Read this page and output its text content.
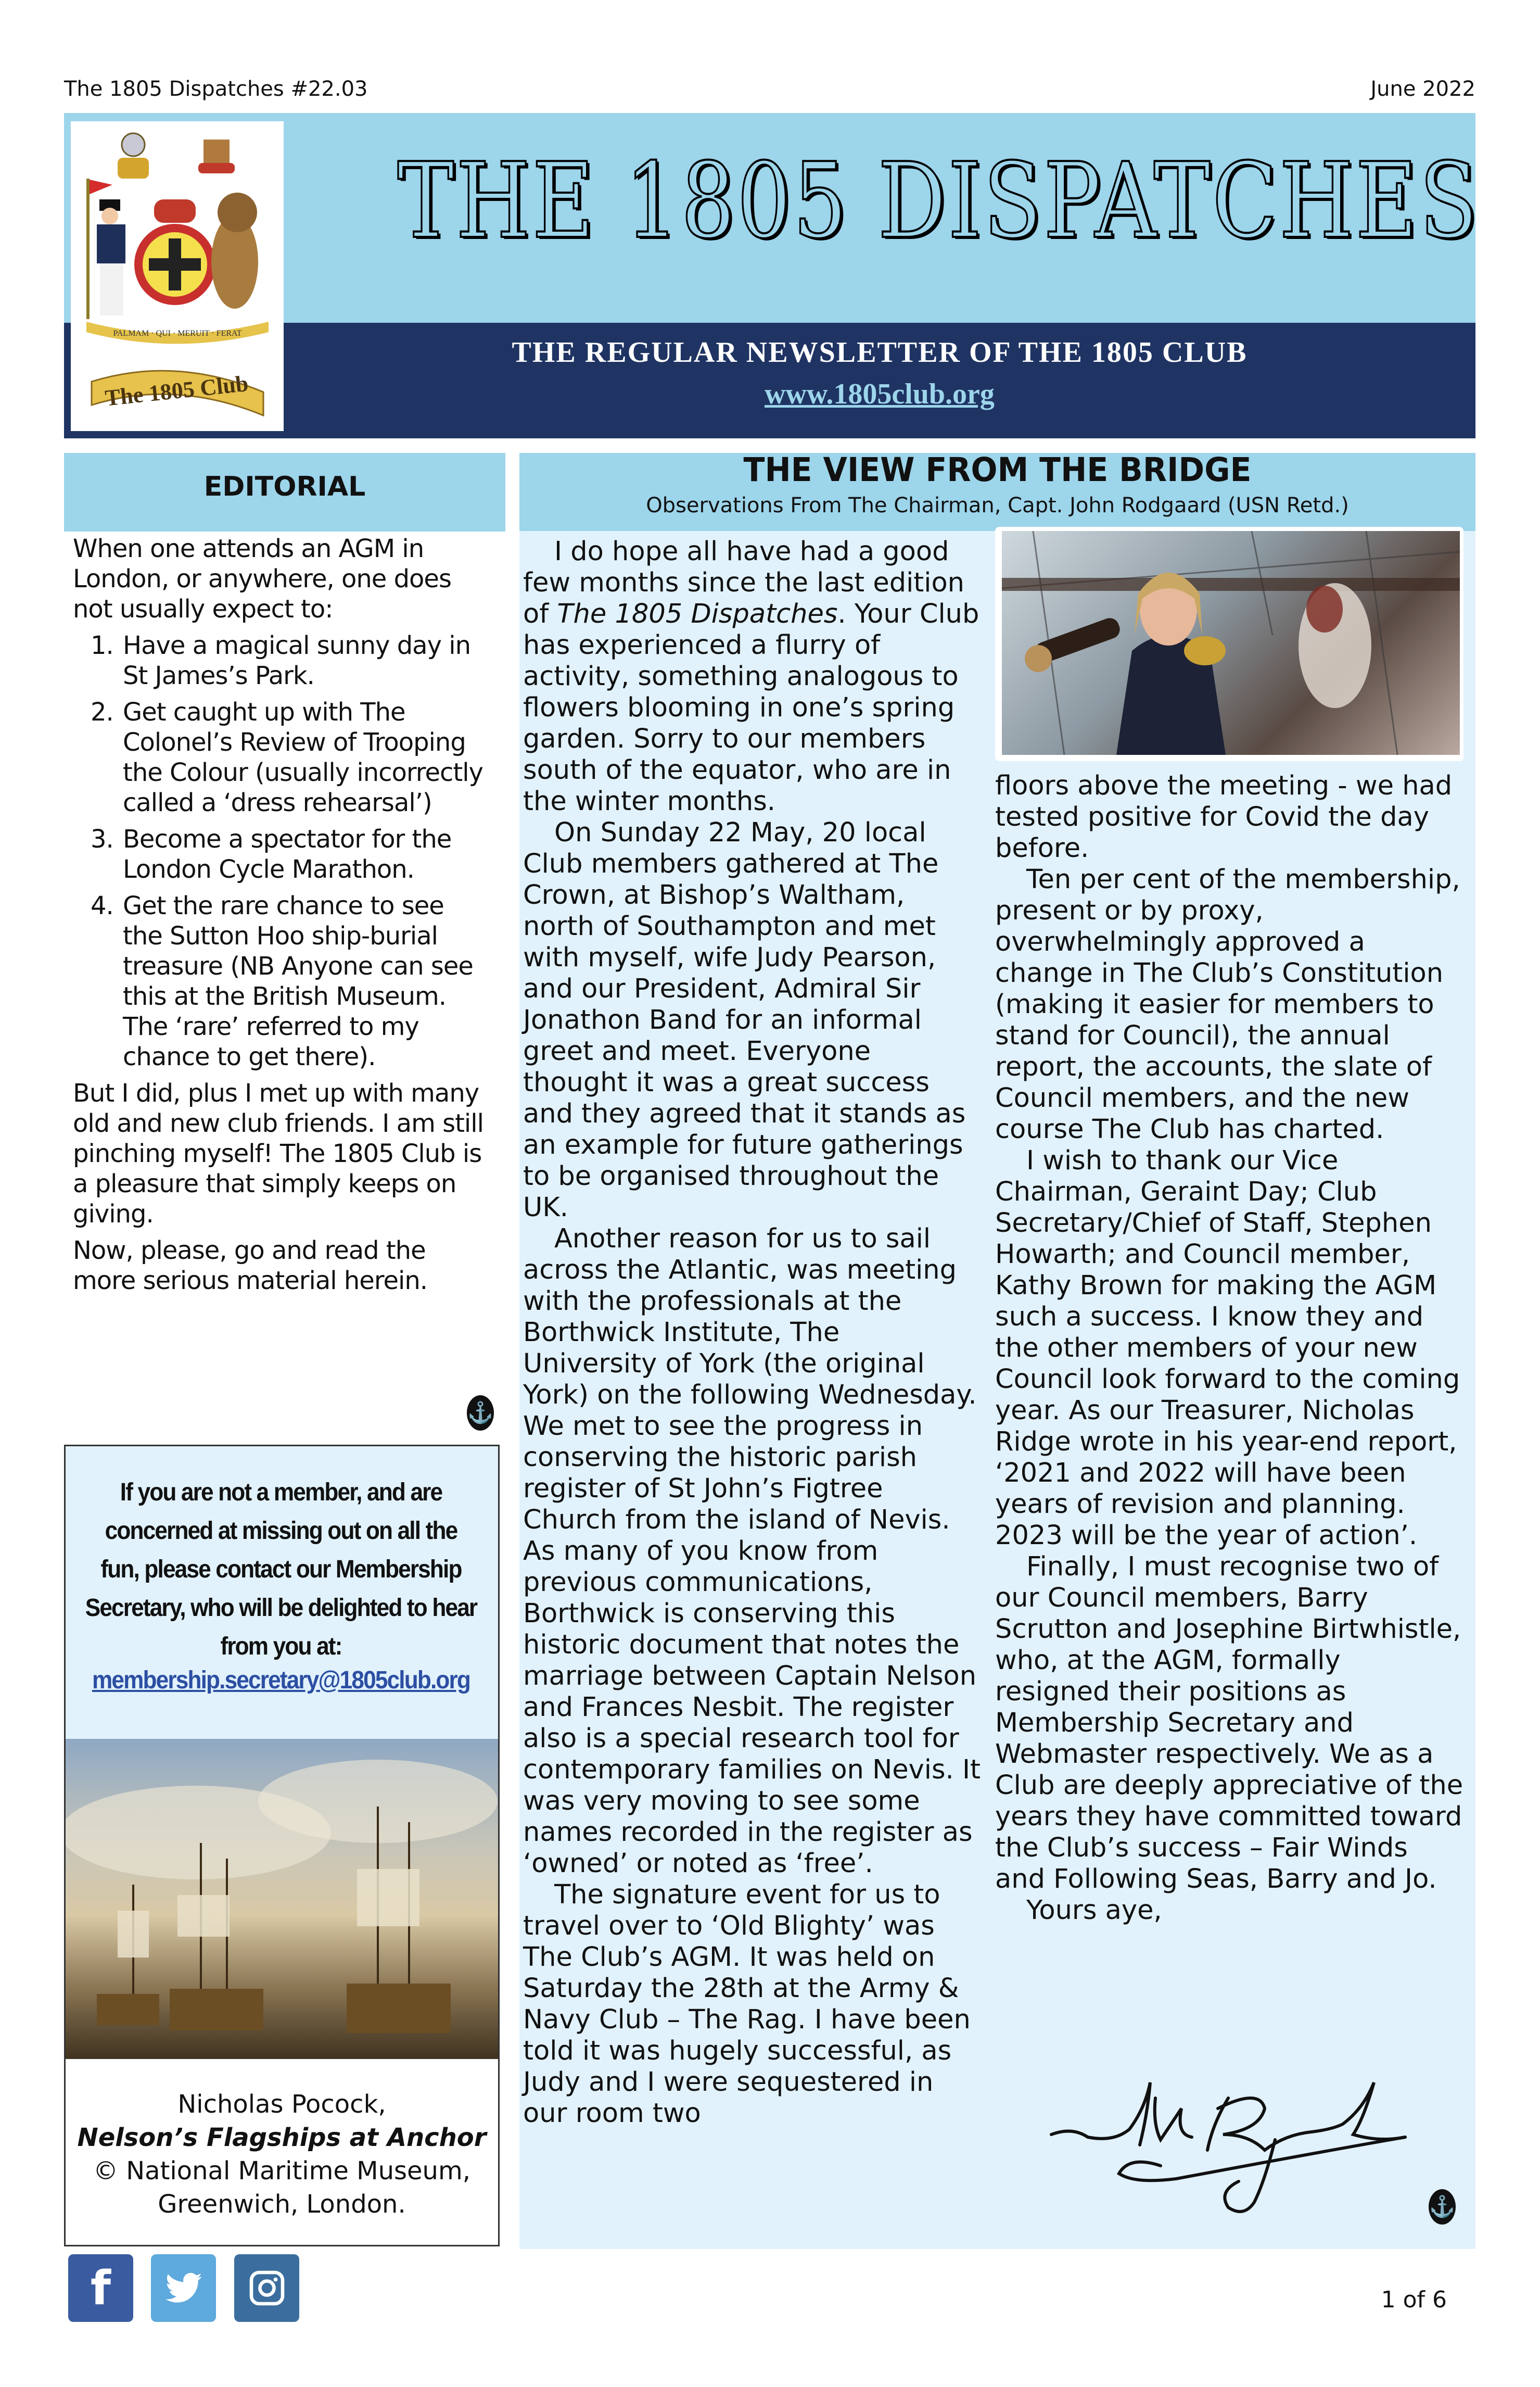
The 1805 Dispatches #22.03	June 2022
PALMAM · QUI · MERUIT · FERAT
The 1805 Club
THE 1805 DISPATCHES
THE REGULAR NEWSLETTER OF THE 1805 CLUB
www.1805club.org
EDITORIAL

When one attends an AGM in London, or anywhere, one does not usually expect to:

1. Have a magical sunny day in St James’s Park.
2. Get caught up with The Colonel’s Review of Trooping the Colour (usually incorrectly called a ‘dress rehearsal’)
3. Become a spectator for the London Cycle Marathon.
4. Get the rare chance to see the Sutton Hoo ship-burial treasure (NB Anyone can see this at the British Museum. The ‘rare’ referred to my chance to get there).

But I did, plus I met up with many old and new club friends. I am still pinching myself! The 1805 Club is a pleasure that simply keeps on giving.

Now, please, go and read the more serious material herein.

⚓
If you are not a member, and are concerned at missing out on all the fun, please contact our Membership Secretary, who will be delighted to hear from you at:
membership.secretary@1805club.org
Nicholas Pocock,
Nelson’s Flagships at Anchor
© National Maritime Museum,
Greenwich, London.
f
THE VIEW FROM THE BRIDGE
Observations From The Chairman, Capt. John Rodgaard (USN Retd.)

I do hope all have had a good few months since the last edition of The 1805 Dispatches. Your Club has experienced a flurry of activity, something analogous to flowers blooming in one’s spring garden. Sorry to our members south of the equator, who are in the winter months.

On Sunday 22 May, 20 local Club members gathered at The Crown, at Bishop’s Waltham, north of Southampton and met with myself, wife Judy Pearson, and our President, Admiral Sir Jonathon Band for an informal greet and meet. Everyone thought it was a great success and they agreed that it stands as an example for future gatherings to be organised throughout the UK.

Another reason for us to sail across the Atlantic, was meeting with the professionals at the Borthwick Institute, The University of York (the original York) on the following Wednesday. We met to see the progress in conserving the historic parish register of St John’s Figtree Church from the island of Nevis. As many of you know from previous communications, Borthwick is conserving this historic document that notes the marriage between Captain Nelson and Frances Nesbit. The register also is a special research tool for contemporary families on Nevis. It was very moving to see some names recorded in the register as ‘owned’ or noted as ‘free’.

The signature event for us to travel over to ‘Old Blighty’ was The Club’s AGM. It was held on Saturday the 28th at the Army & Navy Club – The Rag. I have been told it was hugely successful, as Judy and I were sequestered in our room two

floors above the meeting - we had tested positive for Covid the day before.

Ten per cent of the membership, present or by proxy, overwhelmingly approved a change in The Club’s Constitution (making it easier for members to stand for Council), the annual report, the accounts, the slate of Council members, and the new course The Club has charted.

I wish to thank our Vice Chairman, Geraint Day; Club Secretary/Chief of Staff, Stephen Howarth; and Council member, Kathy Brown for making the AGM such a success. I know they and the other members of your new Council look forward to the coming year. As our Treasurer, Nicholas Ridge wrote in his year-end report, ‘2021 and 2022 will have been years of revision and planning. 2023 will be the year of action’.

Finally, I must recognise two of our Council members, Barry Scrutton and Josephine Birtwhistle, who, at the AGM, formally resigned their positions as Membership Secretary and Webmaster respectively. We as a Club are deeply appreciative of the years they have committed toward the Club’s success – Fair Winds and Following Seas, Barry and Jo.

Yours aye,

⚓
1 of 6
